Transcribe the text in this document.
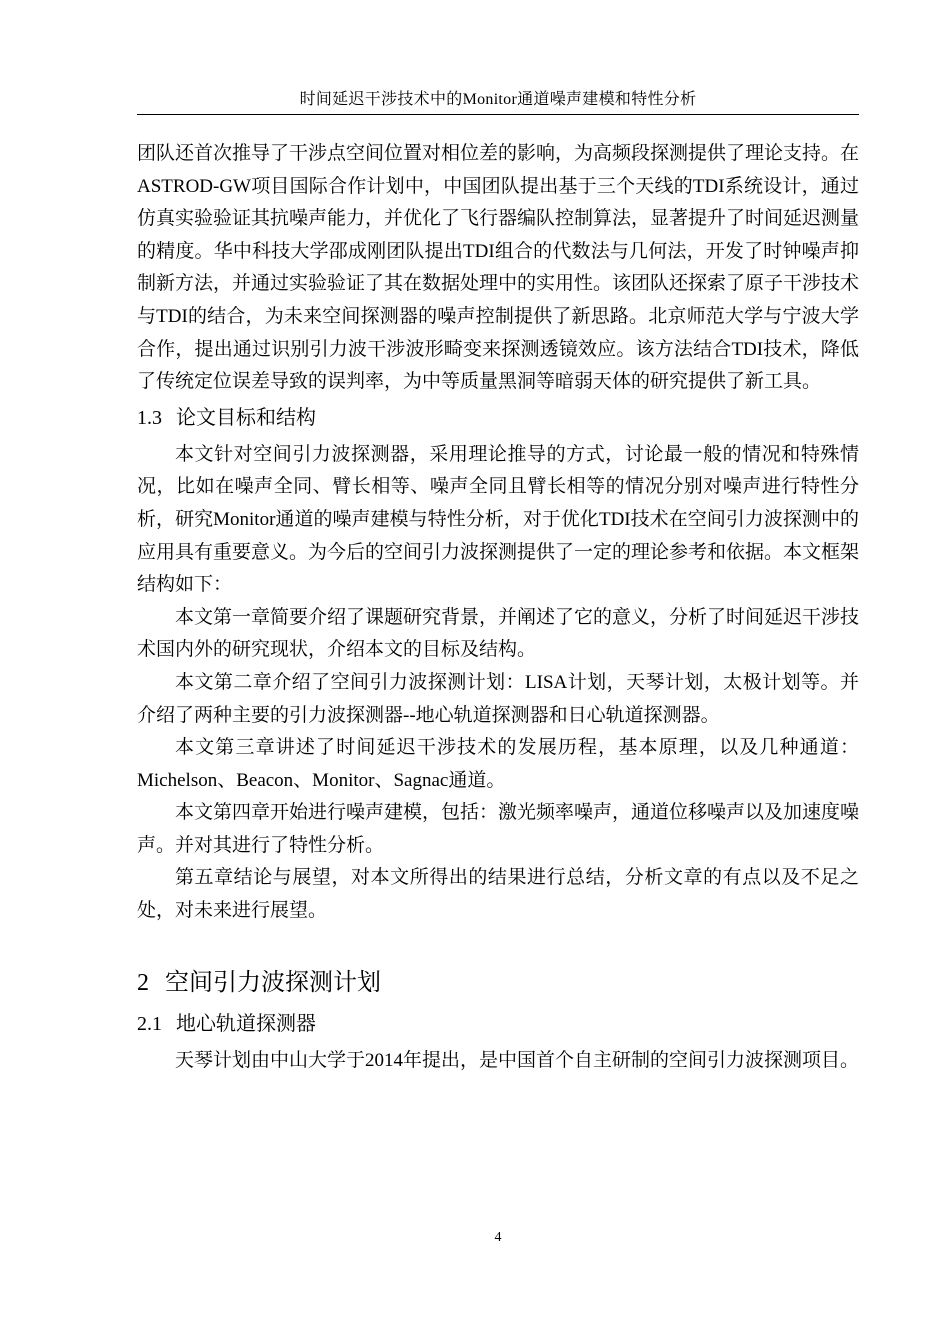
时间延迟干涉技术中的Monitor通道噪声建模和特性分析

团队还首次推导了干涉点空间位置对相位差的影响，为高频段探测提供了理论支持。在ASTROD-GW项目国际合作计划中，中国团队提出基于三个天线的TDI系统设计，通过仿真实验验证其抗噪声能力，并优化了飞行器编队控制算法，显著提升了时间延迟测量的精度。华中科技大学邵成刚团队提出TDI组合的代数法与几何法，开发了时钟噪声抑制新方法，并通过实验验证了其在数据处理中的实用性。该团队还探索了原子干涉技术与TDI的结合，为未来空间探测器的噪声控制提供了新思路。北京师范大学与宁波大学合作，提出通过识别引力波干涉波形畸变来探测透镜效应。该方法结合TDI技术，降低了传统定位误差导致的误判率，为中等质量黑洞等暗弱天体的研究提供了新工具。

1.3 论文目标和结构

本文针对空间引力波探测器，采用理论推导的方式，讨论最一般的情况和特殊情况，比如在噪声全同、臂长相等、噪声全同且臂长相等的情况分别对噪声进行特性分析，研究Monitor通道的噪声建模与特性分析，对于优化TDI技术在空间引力波探测中的应用具有重要意义。为今后的空间引力波探测提供了一定的理论参考和依据。本文框架结构如下：

本文第一章简要介绍了课题研究背景，并阐述了它的意义，分析了时间延迟干涉技术国内外的研究现状，介绍本文的目标及结构。

本文第二章介绍了空间引力波探测计划：LISA计划，天琴计划，太极计划等。并介绍了两种主要的引力波探测器--地心轨道探测器和日心轨道探测器。

本文第三章讲述了时间延迟干涉技术的发展历程，基本原理，以及几种通道：Michelson、Beacon、Monitor、Sagnac通道。

本文第四章开始进行噪声建模，包括：激光频率噪声，通道位移噪声以及加速度噪声。并对其进行了特性分析。

第五章结论与展望，对本文所得出的结果进行总结，分析文章的有点以及不足之处，对未来进行展望。

2 空间引力波探测计划
2.1 地心轨道探测器

天琴计划由中山大学于2014年提出，是中国首个自主研制的空间引力波探测项目。

4
